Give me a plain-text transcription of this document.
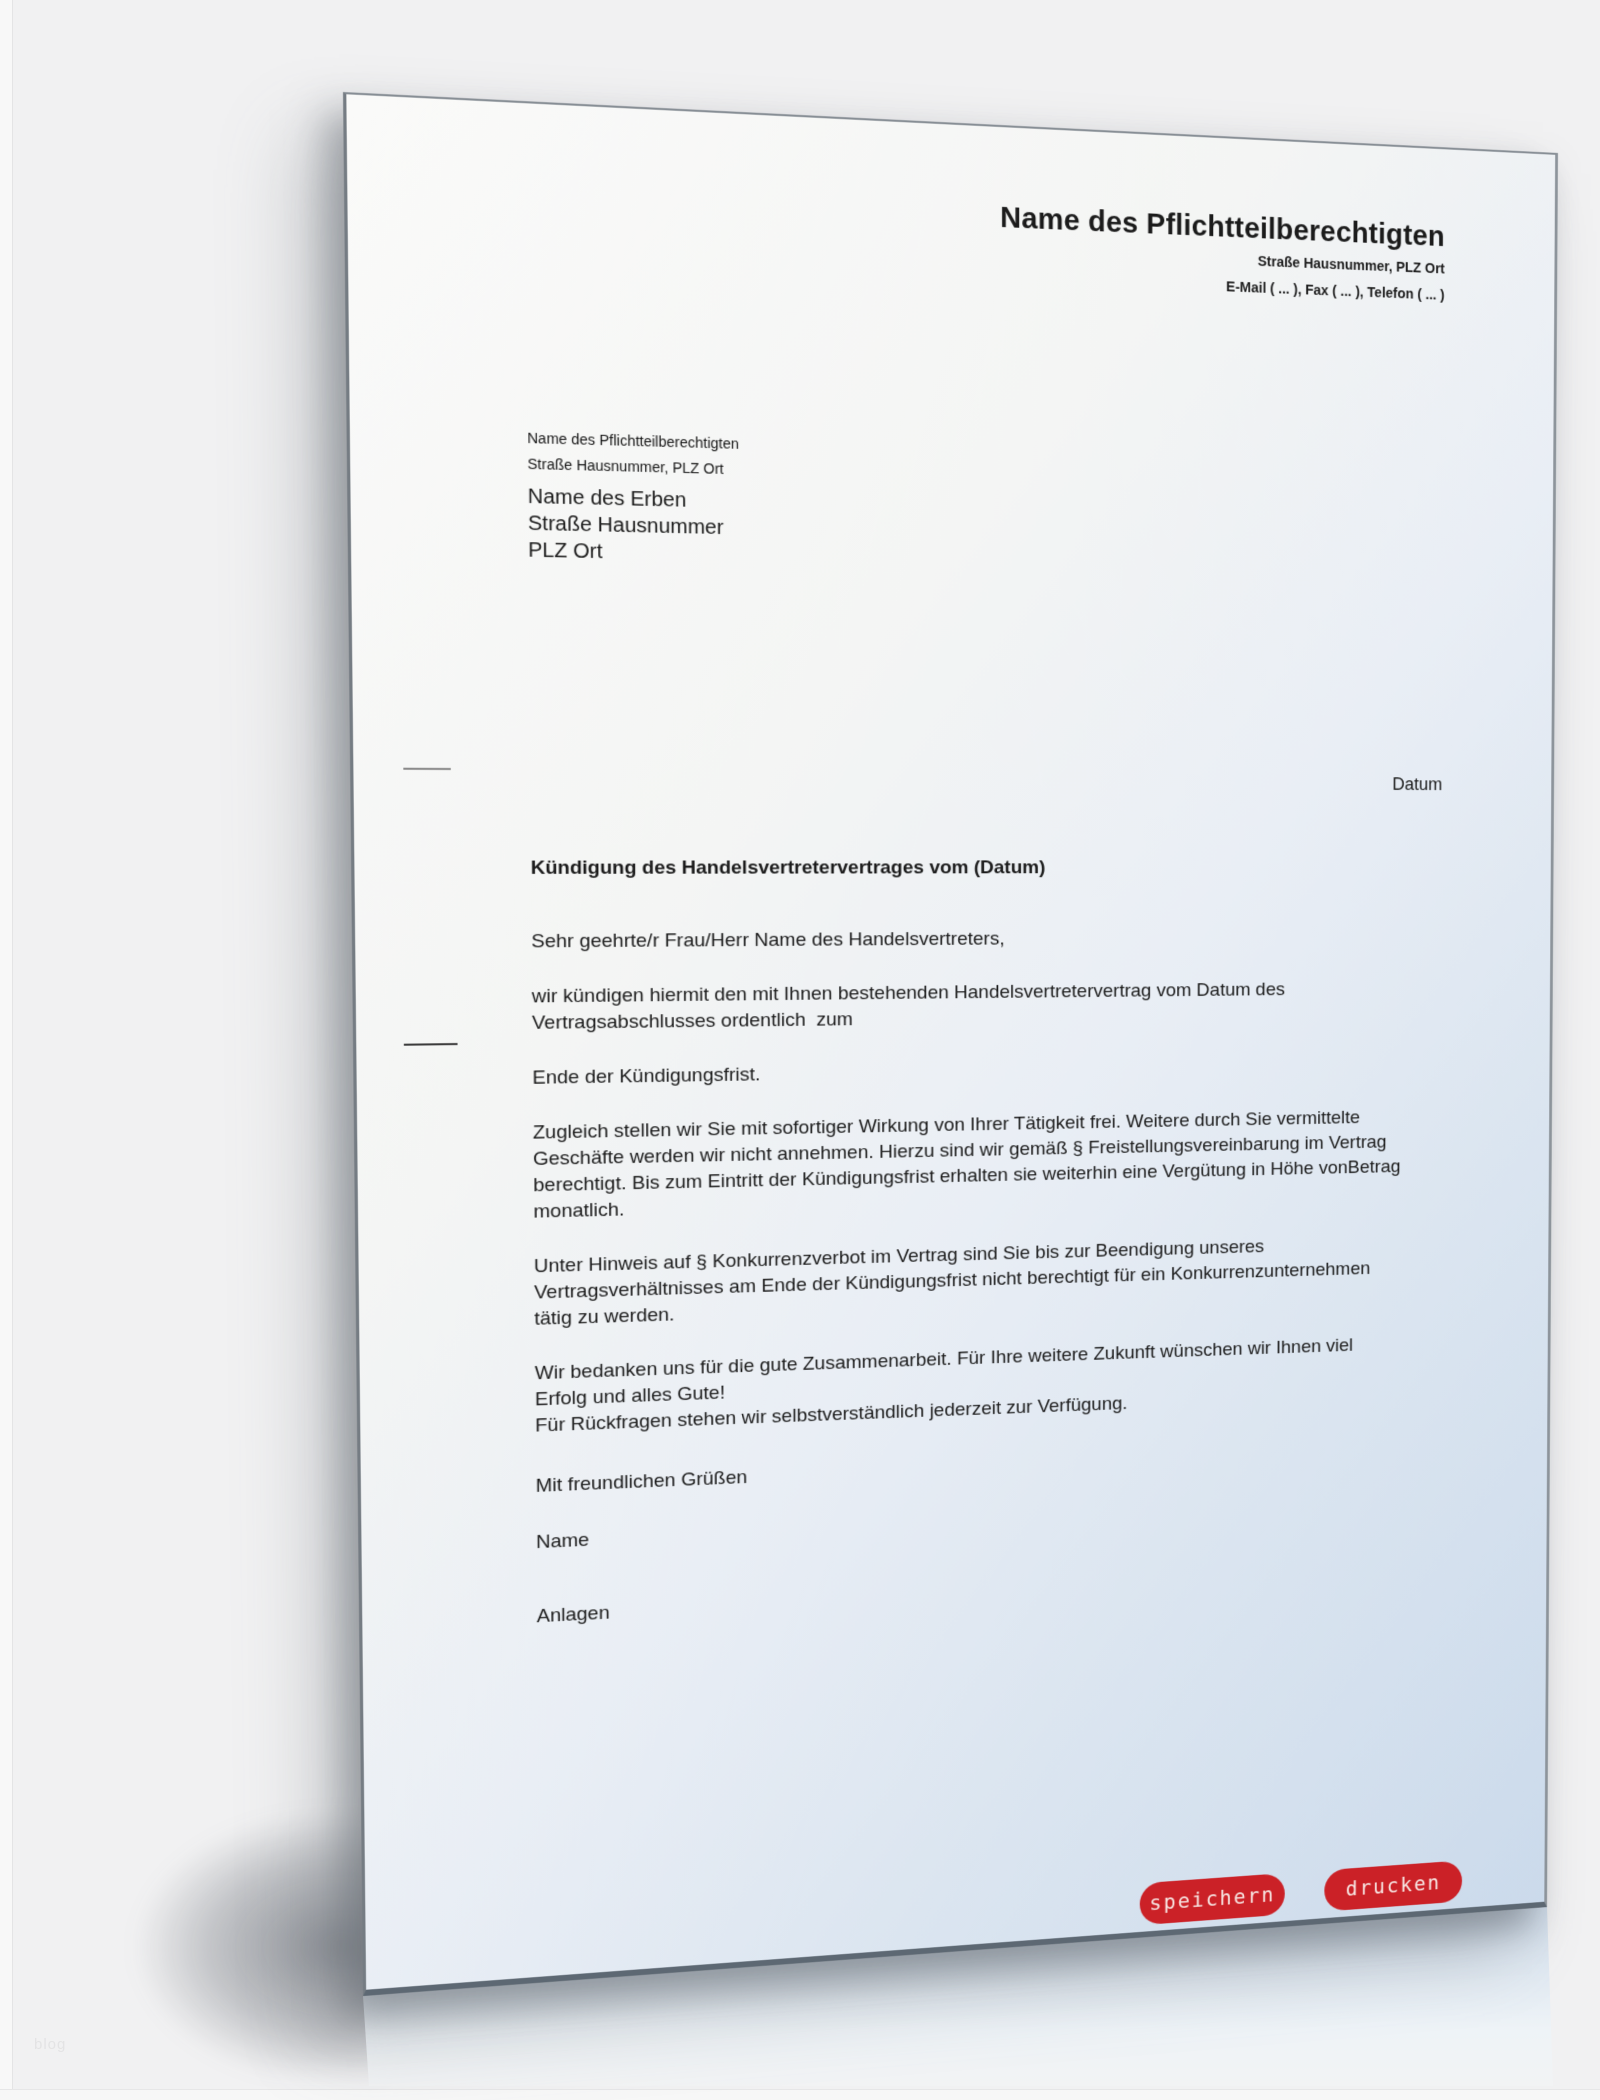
blog
Name des Pflichtteilberechtigten
Straße Hausnummer, PLZ Ort
E-Mail ( ... ), Fax ( ... ), Telefon ( ... )
Name des Pflichtteilberechtigten
Straße Hausnummer, PLZ Ort
Name des Erben
Straße Hausnummer
PLZ Ort
Datum
Kündigung des Handelsvertretervertrages vom (Datum)
Sehr geehrte/r Frau/Herr Name des Handelsvertreters,
wir kündigen hiermit den mit Ihnen bestehenden Handelsvertretervertrag vom Datum des
Vertragsabschlusses ordentlich  zum
Ende der Kündigungsfrist.
Zugleich stellen wir Sie mit sofortiger Wirkung von Ihrer Tätigkeit frei. Weitere durch Sie vermittelte
Geschäfte werden wir nicht annehmen. Hierzu sind wir gemäß § Freistellungsvereinbarung im Vertrag
berechtigt. Bis zum Eintritt der Kündigungsfrist erhalten sie weiterhin eine Vergütung in Höhe vonBetrag
monatlich.
Unter Hinweis auf § Konkurrenzverbot im Vertrag sind Sie bis zur Beendigung unseres
Vertragsverhältnisses am Ende der Kündigungsfrist nicht berechtigt für ein Konkurrenzunternehmen
tätig zu werden.
Wir bedanken uns für die gute Zusammenarbeit. Für Ihre weitere Zukunft wünschen wir Ihnen viel
Erfolg und alles Gute!
Für Rückfragen stehen wir selbstverständlich jederzeit zur Verfügung.
Mit freundlichen Grüßen
Name
Anlagen
speichern	drucken
